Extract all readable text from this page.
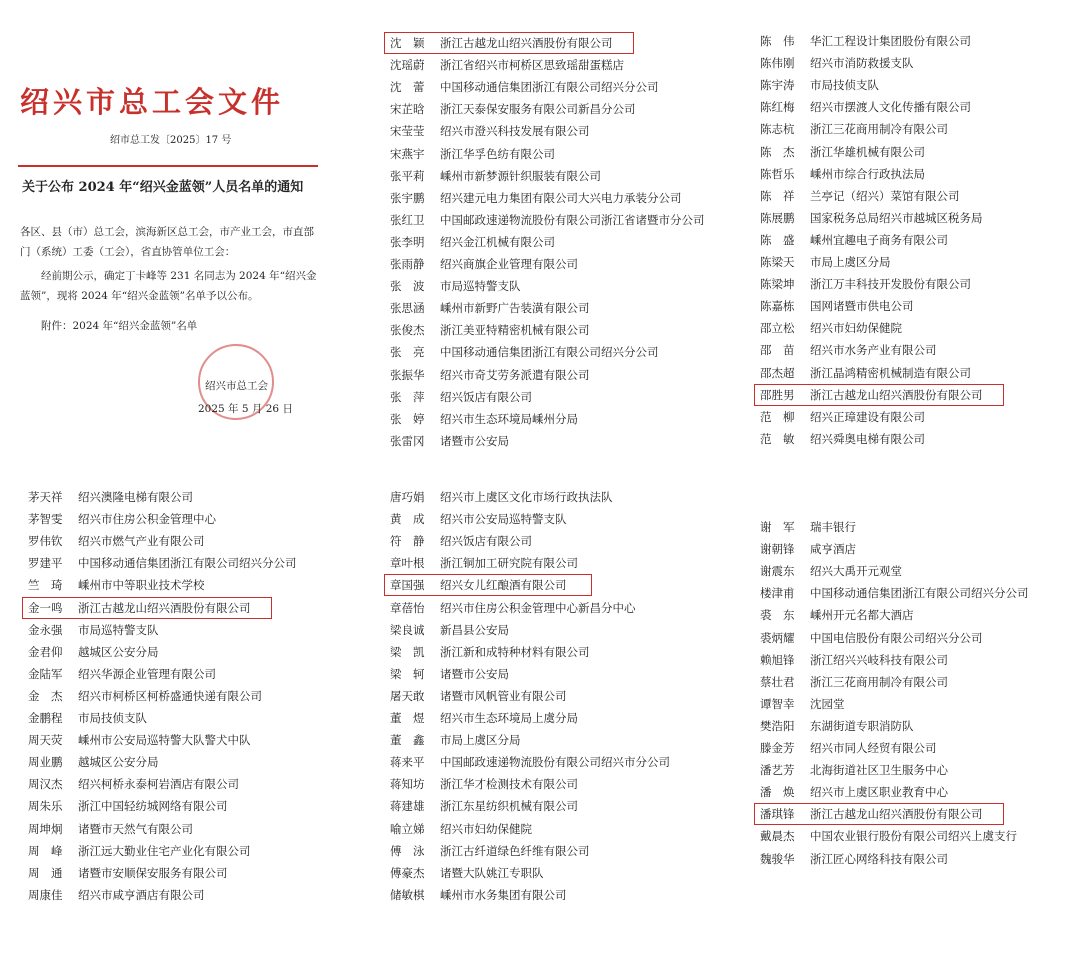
绍兴市总工会文件
绍市总工发〔2025〕17 号
关于公布 2024 年“绍兴金蓝领”人员名单的通知
各区、县（市）总工会，滨海新区总工会，市产业工会，市直部门（系统）工委（工会），省直协管单位工会：
经前期公示，确定丁卡峰等 231 名同志为 2024 年“绍兴金蓝领”，现将 2024 年“绍兴金蓝领”名单予以公布。
附件：2024 年“绍兴金蓝领”名单
绍兴市总工会
2025 年 5 月 26 日
沈　颖	浙江古越龙山绍兴酒股份有限公司
沈瑶蔚	浙江省绍兴市柯桥区思致瑶甜蛋糕店
沈　蕾	中国移动通信集团浙江有限公司绍兴分公司
宋芷晗	浙江天泰保安服务有限公司新昌分公司
宋莹莹	绍兴市澄兴科技发展有限公司
宋燕宇	浙江华孚色纺有限公司
张平莉	嵊州市新梦源针织服装有限公司
张宇鹏	绍兴建元电力集团有限公司大兴电力承装分公司
张红卫	中国邮政速递物流股份有限公司浙江省诸暨市分公司
张李明	绍兴金江机械有限公司
张雨静	绍兴商旗企业管理有限公司
张　波	市局巡特警支队
张思涵	嵊州市新野广告装潢有限公司
张俊杰	浙江美亚特精密机械有限公司
张　亮	中国移动通信集团浙江有限公司绍兴分公司
张振华	绍兴市奇艾劳务派遣有限公司
张　萍	绍兴饭店有限公司
张　婷	绍兴市生态环境局嵊州分局
张雷冈	诸暨市公安局
陈　伟	华汇工程设计集团股份有限公司
陈伟刚	绍兴市消防救援支队
陈宇涛	市局技侦支队
陈红梅	绍兴市摆渡人文化传播有限公司
陈志杭	浙江三花商用制冷有限公司
陈　杰	浙江华雄机械有限公司
陈哲乐	嵊州市综合行政执法局
陈　祥	兰亭记（绍兴）菜馆有限公司
陈展鹏	国家税务总局绍兴市越城区税务局
陈　盛	嵊州宜趣电子商务有限公司
陈梁天	市局上虞区分局
陈梁坤	浙江万丰科技开发股份有限公司
陈嘉栋	国网诸暨市供电公司
邵立松	绍兴市妇幼保健院
邵　苗	绍兴市水务产业有限公司
邵杰超	浙江晶鸿精密机械制造有限公司
邵胜男	浙江古越龙山绍兴酒股份有限公司
范　柳	绍兴正璋建设有限公司
范　敏	绍兴舜奥电梯有限公司
茅天祥	绍兴澳隆电梯有限公司
茅智雯	绍兴市住房公积金管理中心
罗伟钦	绍兴市燃气产业有限公司
罗建平	中国移动通信集团浙江有限公司绍兴分公司
竺　琦	嵊州市中等职业技术学校
金一鸣	浙江古越龙山绍兴酒股份有限公司
金永强	市局巡特警支队
金君仰	越城区公安分局
金陆军	绍兴华源企业管理有限公司
金　杰	绍兴市柯桥区柯桥盛通快递有限公司
金鹏程	市局技侦支队
周天荧	嵊州市公安局巡特警大队警犬中队
周业鹏	越城区公安分局
周汉杰	绍兴柯桥永泰柯岩酒店有限公司
周朱乐	浙江中国轻纺城网络有限公司
周坤炯	诸暨市天然气有限公司
周　峰	浙江远大勤业住宅产业化有限公司
周　通	诸暨市安顺保安服务有限公司
周康佳	绍兴市咸亨酒店有限公司
唐巧娟	绍兴市上虞区文化市场行政执法队
黄　成	绍兴市公安局巡特警支队
符　静	绍兴饭店有限公司
章叶根	浙江铜加工研究院有限公司
章国强	绍兴女儿红酿酒有限公司
章蓓怡	绍兴市住房公积金管理中心新昌分中心
梁良诚	新昌县公安局
梁　凯	浙江新和成特种材料有限公司
梁　轲	诸暨市公安局
屠天敢	诸暨市风帆管业有限公司
董　煜	绍兴市生态环境局上虞分局
董　鑫	市局上虞区分局
蒋来平	中国邮政速递物流股份有限公司绍兴市分公司
蒋知坊	浙江华才检测技术有限公司
蒋建雄	浙江东星纺织机械有限公司
喻立娣	绍兴市妇幼保健院
傅　泳	浙江古纤道绿色纤维有限公司
傅豪杰	诸暨大队姚江专职队
储敏棋	嵊州市水务集团有限公司
谢　军	瑞丰银行
谢朝锋	咸亨酒店
谢震东	绍兴大禹开元观堂
楼津甫	中国移动通信集团浙江有限公司绍兴分公司
裘　东	嵊州开元名都大酒店
裘炳耀	中国电信股份有限公司绍兴分公司
赖旭锋	浙江绍兴兴岐科技有限公司
蔡壮君	浙江三花商用制冷有限公司
谭智幸	沈园堂
樊浩阳	东湖街道专职消防队
滕金芳	绍兴市同人经贸有限公司
潘艺芳	北海街道社区卫生服务中心
潘　焕	绍兴市上虞区职业教育中心
潘琪锋	浙江古越龙山绍兴酒股份有限公司
戴晨杰	中国农业银行股份有限公司绍兴上虞支行
魏骏华	浙江匠心网络科技有限公司
